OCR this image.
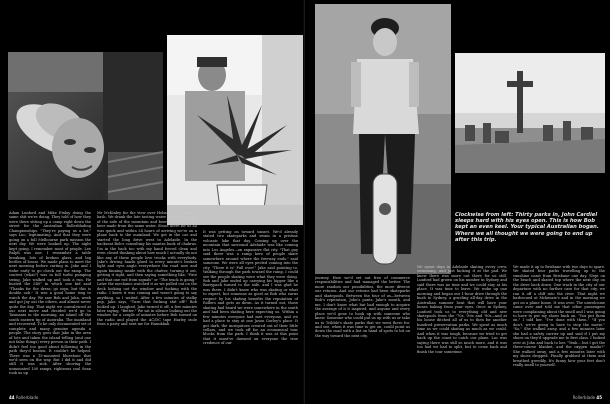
Adam Lunford and Mike Finlay doing the same shit we're doing. They told of how they were there sitting up a camp right down the street for the Australian Rollerblading Championships. "They're paying us a lot," says Luc, legitimating. And that they were going on a full Melbourne park mission the next day. We were hooked up. The night kept going. I remember most of people. Lee Ralph was one. I remember a table breaking, lots of broken glass, and big bottles of booze. We made plans to meet the next morning before carting in. Jake and I woke early to go check out the ramp. The contest (what?) was in full turbo pumping swing. Jake walked up and took a run. He busted the 540" in which one kid said "Thanks for the dress; go oops, but this is double ooh." It was a good home ring to watch the day. We saw Bob and John, week and got Jay out the others, and almost never quite the day. That night we convalesced at our next move and decided we'd go to Tasmania in the morning, an island off the south eastern tip of Australia. The mainland and recovered. To be only documented set of complete and many genuine agenda a people. The story goes that Jake in the area of lots and taken the island telling (and one not false things) every person in their path. I didn't feel too good about following in the path they'd beaten. It couldn't be helped. There was a 15-mounted bluestone that we'd seen on the way. But I did it and did still it was sick. After shoving the unmounted 100 ramps, righteous soul Sean took us up
Mr McKinley for the view over Hobart and a rooftop bash. We drank the late tasting water over coming out of the side of the mountain and beer drank the local beer made from the same water. Stood there for us all was quick and within 24 hours of arriving we're on a plane back to the mainland. We got in the car and started the long drive west to Adelaide. In the backseat Bob's consulting his mantra book of chakras. I'm in the back too with my hand forced clean and even closed thinking about how much I actually do not like any of these people love trucks with everybody. Jake's driving hands glued to every minute's broken light and eyes angle everywhere the road now and again fanning inside with the chatter, turning it out, getting it right, and then saying something like, "Fate and that one rod from signals" or "The truck is going." Later the mechanic watched it as we pulled out on the deck looking out the window and fucking with the radio. I knew it was coming and wasn't going to say anything, so I waited. After a few minutes of stalky pop, Jake says, "Turn that fucking shit off!" Bob looked up. I laughed. Jake turned it off, a few minutes later saying, "Better." We sat in silence looking out the window for a couple of minutes before Bob turned on the radio and played the AC/DC tape Harley stole from a party and sent me for Hanukkah.
It was getting on toward sunset. We'd already stated two skateparks and swam in a pristine volcanic lake that day. Coming up over the mountain that surround Adelaide was like coming into Los Angeles—an expansive flat city. "That guy said there was a ramp here of people skate somewhere around where the freeway ends," said someone. We were all eyes peeled coming into the city. "There it is! Pull over!" Jake said pointing to. Walking through the park toward the ramp, I could see the people skating were what they were doing. Bob and Jake ended up carrying his hipper like a Barrypack turned to the side, and I was glad he was there. I didn't know who was skating or what to expect, but someone as good as Bob who earns respect by his skating benefits the reputation of Rollers and gets us down. As it turned out, those skating had heard we were somewhere in the south and had been skating here expecting us. Within a few minutes everyone had met everyone, and we had a place to stay at one Jason Gorley's place. It got dark, the mosquitoes created out of their little cellars, and we took off for an economical tour blocks from the park. I think it was at this point that it must've dawned on everyone the true credence of our
44 Rollerblade
Clockwise from left: Thirty parks in, John Cardiel sleeps hard with his eyes open. This is how Bob kept an even keel. Your typical Australian bogan. Where we all thought we were going to end up after this trip.
journey. How we'd set out free of commerce responsibilities and had managed the better. The more random our possibilities, the more diverse our returns. And our returns had been skateparks and skatepools. Between the four of us—between Bob's reputation, John's pants, Jake's mouth, and me, I don't know what but had enough to acquire the average of it it inspired, and anyone and every place we'd gone to hook up with someone who knew. Someone who could put us up with us or take us to Tribble's skate parks that we went there for, and see, when it was time to get on, could point us down the road with a list on hand of spots to hit on the way toward the next city.
We spent days in Adelaide skating every crew, swimming, and just kicking it at the pad. We knew there was more out there for us still. Lunford had grown on his number in Sydney and said there was no time and we could stay at his place. It was time to leave. We woke up one morning and began our 1-hour drive through the bush to Sydney, a grueling all-day drive in the Australian summer heat that will have your bones baking from your eyes. Once in Sydney, Lunford took us to everything old and new skatepools from the '70s, '80s and '90s—and at his house ditched all of us to then for another hundred preservation parks. We spent as much time as we could skating as much as we could. And when it was tough, because we tried to get back up the coast to catch our plane. Luc was saying there was still so much more, and it was too bad we had to split, but to come back and finish the tour sometime.
We made it up to Brisbane with two days to spare. We skated four parks travelling up to the sunshine coast from Brisbane one day. Slept on the beach and skated top where the next day on the drive back down. One track in the city of our departure with no further care for that city, we ran it off a cliff into the river. That night we barbecued at Mckenzie's and in the morning we got on a plane home. It was over. The unwelcome came over and told me that other passengers were complaining about the smell and I was going to have to put my shoes back on. "You put them on," I told her. "I've done with them." "If you don't, we're going to have to stop the movie." "So," She walked away, and a few minutes later she had a safety carrier up and said if I put my shoes on they'd upgrade me to first class. I looked over at John and back to her. "Yeah... but I got the three-course blanket, and the oxygen masks?" She walked away, and a few minutes later with my shoes dropped. Finally grabbed at them and breathed greedily. It's funny how your feet don't really smell to yourself.
Rollerblade 45
